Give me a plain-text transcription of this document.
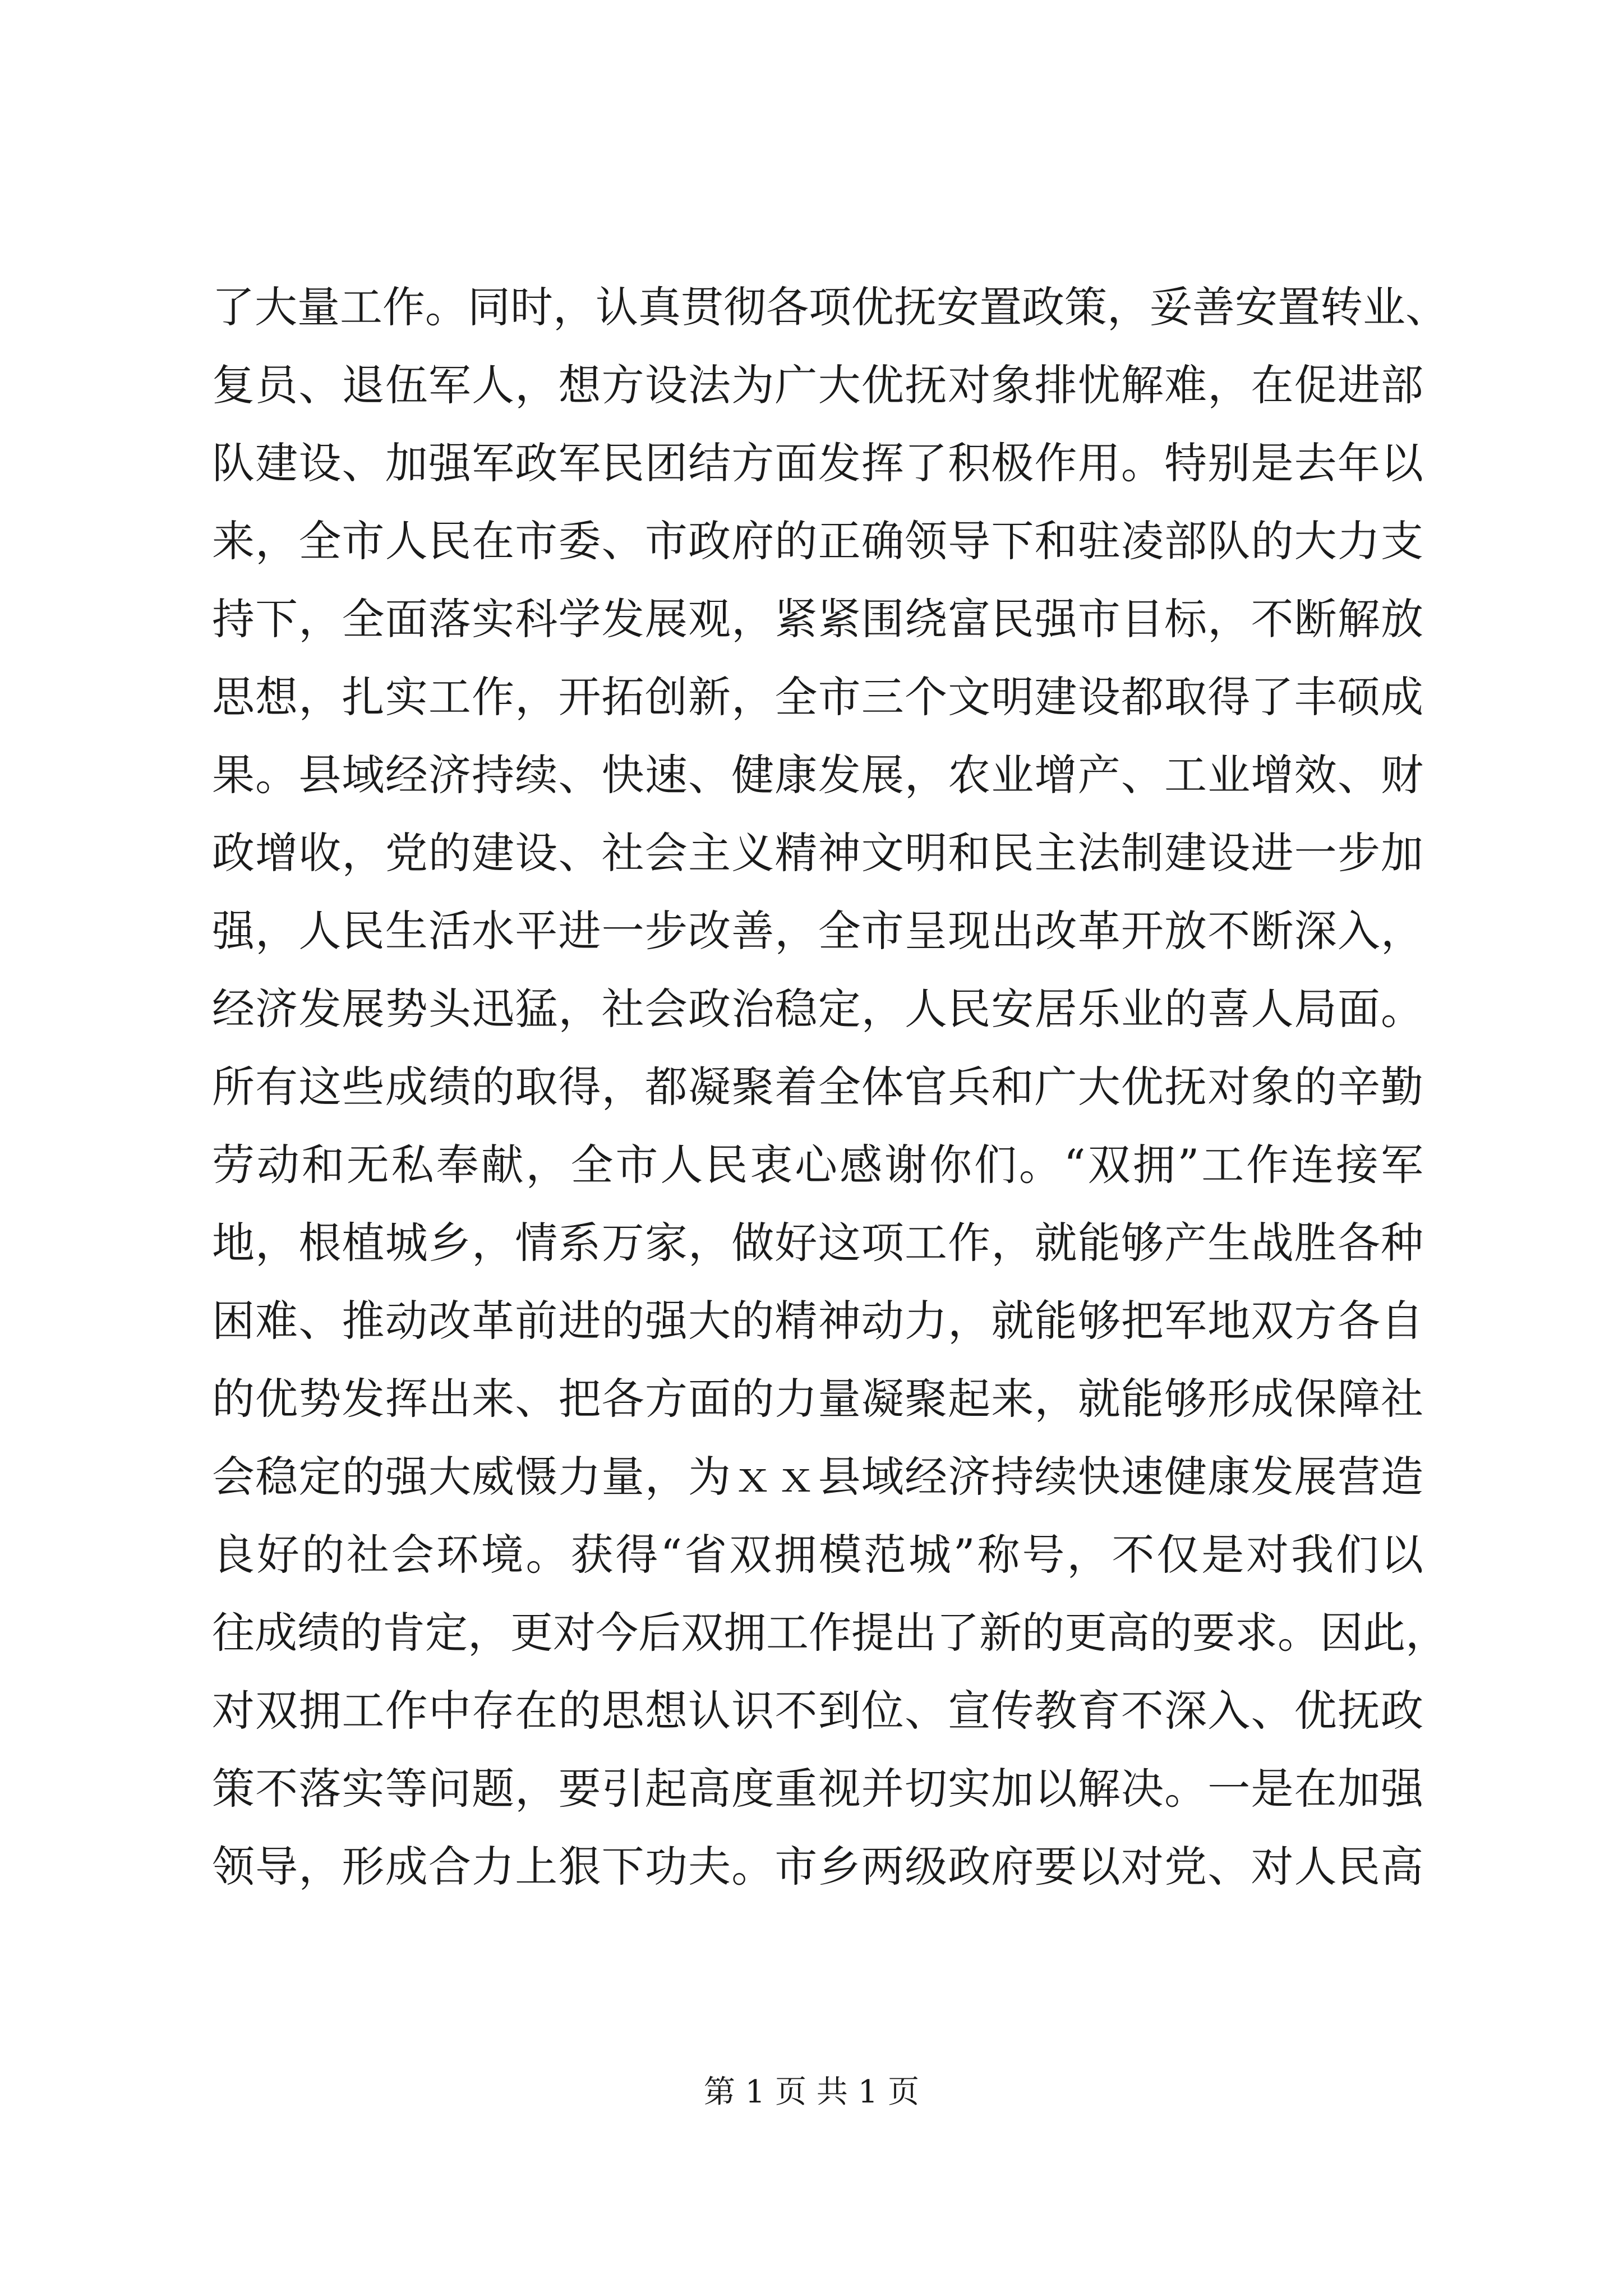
了大量工作。同时，认真贯彻各项优抚安置政策，妥善安置转业、
复员、退伍军人，想方设法为广大优抚对象排忧解难，在促进部
队建设、加强军政军民团结方面发挥了积极作用。特别是去年以
来，全市人民在市委、市政府的正确领导下和驻凌部队的大力支
持下，全面落实科学发展观，紧紧围绕富民强市目标，不断解放
思想，扎实工作，开拓创新，全市三个文明建设都取得了丰硕成
果。县域经济持续、快速、健康发展，农业增产、工业增效、财
政增收，党的建设、社会主义精神文明和民主法制建设进一步加
强，人民生活水平进一步改善，全市呈现出改革开放不断深入，
经济发展势头迅猛，社会政治稳定，人民安居乐业的喜人局面。
所有这些成绩的取得，都凝聚着全体官兵和广大优抚对象的辛勤
劳动和无私奉献，全市人民衷心感谢你们。“双拥”工作连接军
地，根植城乡，情系万家，做好这项工作，就能够产生战胜各种
困难、推动改革前进的强大的精神动力，就能够把军地双方各自
的优势发挥出来、把各方面的力量凝聚起来，就能够形成保障社
会稳定的强大威慑力量，为ｘｘ县域经济持续快速健康发展营造
良好的社会环境。获得“省双拥模范城”称号，不仅是对我们以
往成绩的肯定，更对今后双拥工作提出了新的更高的要求。因此，
对双拥工作中存在的思想认识不到位、宣传教育不深入、优抚政
策不落实等问题，要引起高度重视并切实加以解决。一是在加强
领导，形成合力上狠下功夫。市乡两级政府要以对党、对人民高
第 1 页 共 1 页
